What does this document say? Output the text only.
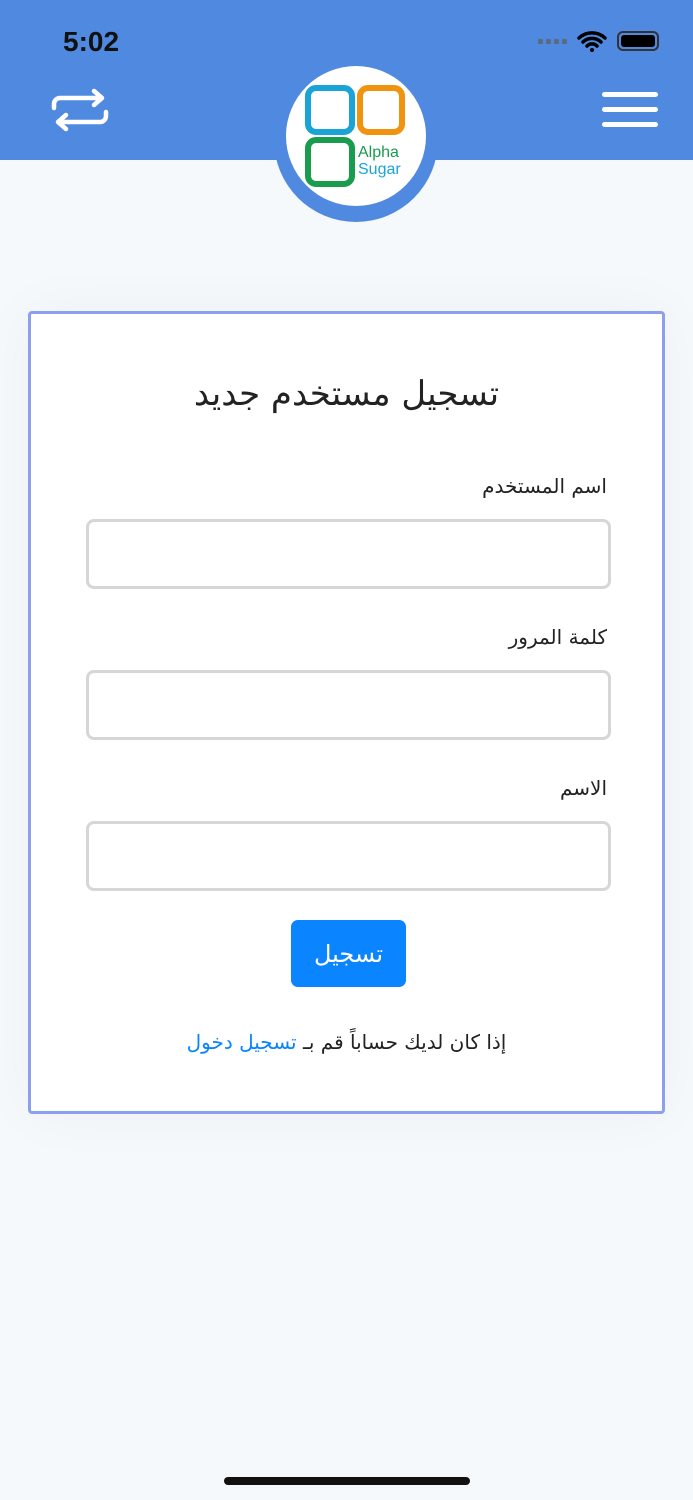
5:02
Alpha
Sugar
تسجيل مستخدم جديد
اسم المستخدم
كلمة المرور
الاسم
تسجيل
إذا كان لديك حساباً قم بـ تسجيل دخول
